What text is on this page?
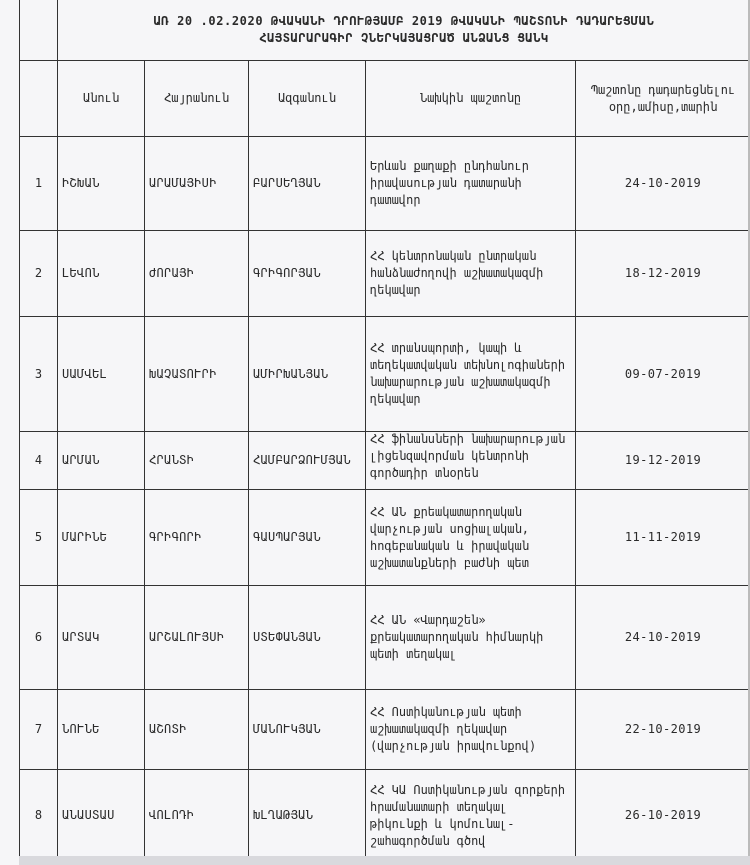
	ԱՌ 20 .02.2020 ԹՎԱԿԱՆԻ ԴՐՈՒԹՅԱՄԲ 2019 ԹՎԱԿԱՆԻ ՊԱՇՏՈՆԻ ԴԱԴԱՐԵՑՄԱՆ
ՀԱՅՏԱՐԱՐԱԳԻՐ ՉՆԵՐԿԱՅԱՑՐԱԾ ԱՆՁԱՆՑ ՑԱՆԿ				

	Անուն	Հայրանուն	Ազգանուն	Նախկին պաշտոնը	Պաշտոնը դադարեցնելու օրը,ամիսը,տարին
1	ԻՇԽԱՆ	ԱՐԱՄԱՅԻՍԻ	ԲԱՐՍԵՂՅԱՆ	Երևան քաղաքի ընդհանուր իրավասության դատարանի դատավոր	24-10-2019
2	ԼԵՎՈՆ	ԺՈՐԱՅԻ	ԳՐԻԳՈՐՅԱՆ	ՀՀ կենտրոնական ընտրական հանձնաժողովի աշխատակազմի ղեկավար	18-12-2019
3	ՍԱՄՎԵԼ	ԽԱՉԱՏՈՒՐԻ	ԱՄԻՐԽԱՆՅԱՆ	ՀՀ տրանսպորտի, կապի և տեղեկատվական տեխնոլոգիաների նախարարության աշխատակազմի ղեկավար	09-07-2019
4	ԱՐՄԱՆ	ՀՐԱՆՏԻ	ՀԱՄԲԱՐՁՈՒՄՅԱՆ	ՀՀ ֆինանսների նախարարության լիցենզավորման կենտրոնի գործադիր տնօրեն	19-12-2019
5	ՄԱՐԻՆԵ	ԳՐԻԳՈՐԻ	ԳԱՍՊԱՐՅԱՆ	ՀՀ ԱՆ քրեակատարողական վարչության սոցիալական, հոգեբանական և իրավական աշխատանքների բաժնի պետ	11-11-2019
6	ԱՐՏԱԿ	ԱՐՇԱԼՈՒՅՍԻ	ՍՏԵՓԱՆՅԱՆ	ՀՀ ԱՆ «Վարդաշեն» քրեակատարողական հիմնարկի պետի տեղակալ	24-10-2019
7	ՆՈՒՆԵ	ԱՇՈՏԻ	ՄԱՆՈՒԿՅԱՆ	ՀՀ Ոստիկանության պետի աշխատակազմի ղեկավար (վարչության իրավունքով)	22-10-2019
8	ԱՆԱՍՏԱՍ	ՎՈԼՈԴԻ	ԽԼՂԱԹՅԱՆ	ՀՀ ԿԱ Ոստիկանության զորքերի հրամանատարի տեղակալ թիկունքի և կոմունալ-շահագործման գծով	26-10-2019
